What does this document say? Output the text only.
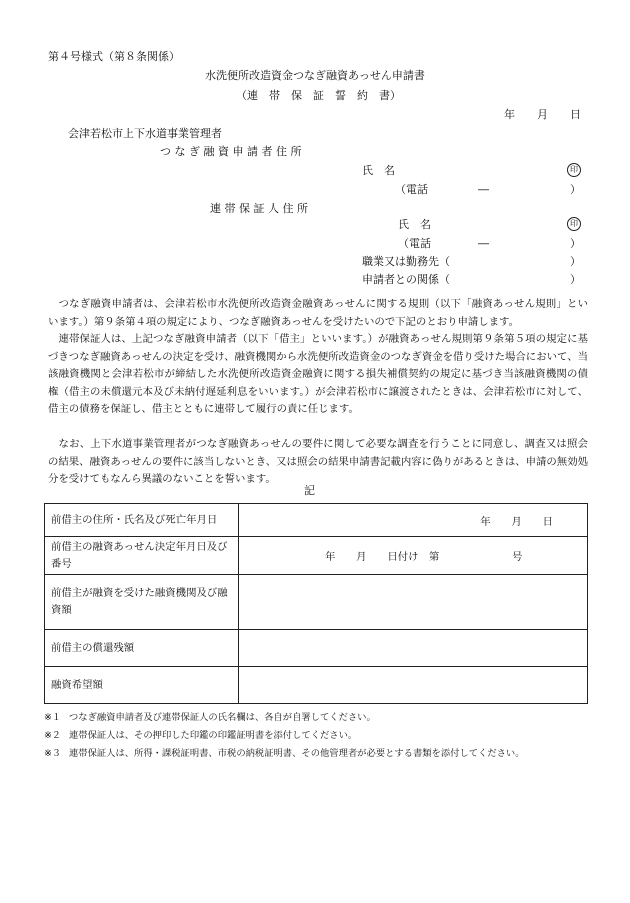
第４号様式（第８条関係）
水洗便所改造資金つなぎ融資あっせん申請書
（連　帯　保　証　誓　約　書）
年　　月　　日
会津若松市上下水道事業管理者
つ な ぎ 融 資 申 請 者 住 所
氏　名	印
（電話	―	）
連 帯 保 証 人 住 所
氏　名	印
（電話	―	）
職業又は勤務先（	）
申請者との関係（	）
つなぎ融資申請者は、会津若松市水洗便所改造資金融資あっせんに関する規則（以下「融資あっせん規則」といいます。）第９条第４項の規定により、つなぎ融資あっせんを受けたいので下記のとおり申請します。
連帯保証人は、上記つなぎ融資申請者（以下「借主」といいます。）が融資あっせん規則第９条第５項の規定に基づきつなぎ融資あっせんの決定を受け、融資機関から水洗便所改造資金のつなぎ資金を借り受けた場合において、当該融資機関と会津若松市が締結した水洗便所改造資金融資に関する損失補償契約の規定に基づき当該融資機関の債権（借主の未償還元本及び未納付遅延利息をいいます。）が会津若松市に譲渡されたときは、会津若松市に対して、借主の債務を保証し、借主とともに連帯して履行の責に任じます。
なお、上下水道事業管理者がつなぎ融資あっせんの要件に関して必要な調査を行うことに同意し、調査又は照会の結果、融資あっせんの要件に該当しないとき、又は照会の結果申請書記載内容に偽りがあるときは、申請の無効処分を受けてもなんら異議のないことを誓います。
記
前借主の住所・氏名及び死亡年月日	年　　月　　日

前借主の融資あっせん決定年月日及び番号	年　　月　　日付け　第　　　　　　　号
前借主が融資を受けた融資機関及び融資額	
前借主の償還残額	
融資希望額	
※１ つなぎ融資申請者及び連帯保証人の氏名欄は、各自が自署してください。
※２ 連帯保証人は、その押印した印鑑の印鑑証明書を添付してください。
※３ 連帯保証人は、所得・課税証明書、市税の納税証明書、その他管理者が必要とする書類を添付してください。
